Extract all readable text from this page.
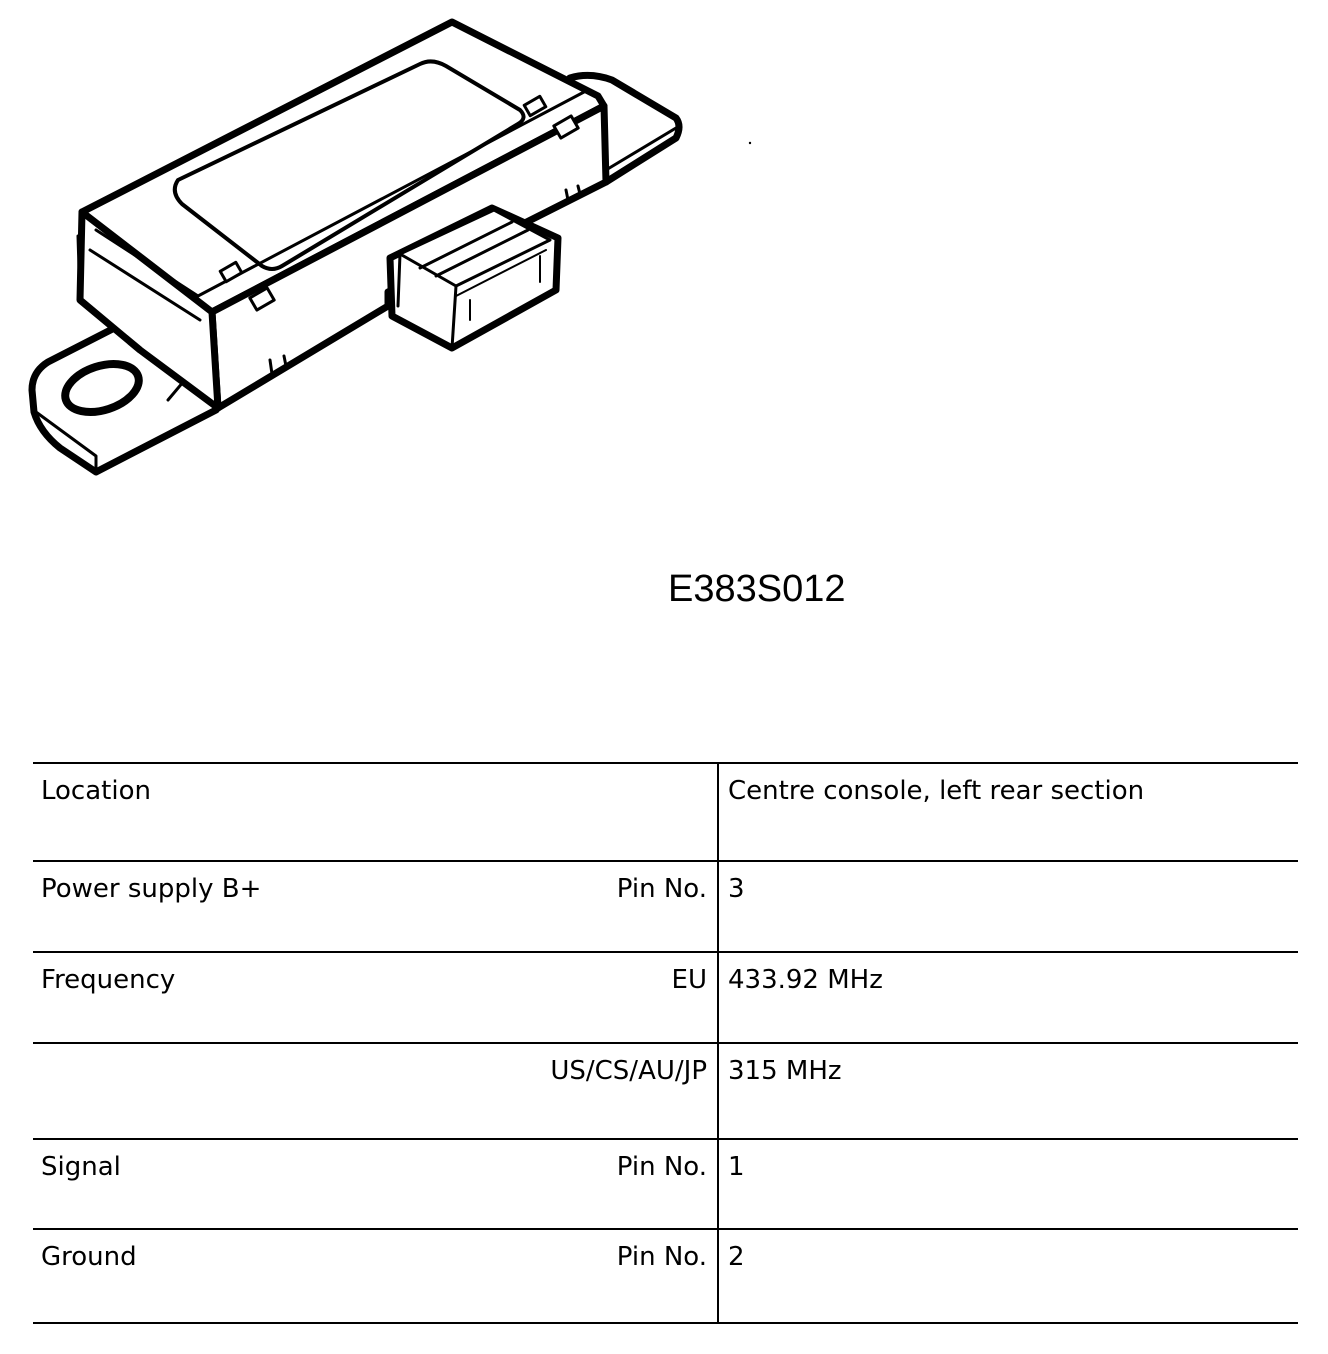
E383S012
Location		Centre console, left rear section
Power supply B+	Pin No.	3
Frequency	EU	433.92 MHz
	US/CS/AU/JP	315 MHz
Signal	Pin No.	1
Ground	Pin No.	2
